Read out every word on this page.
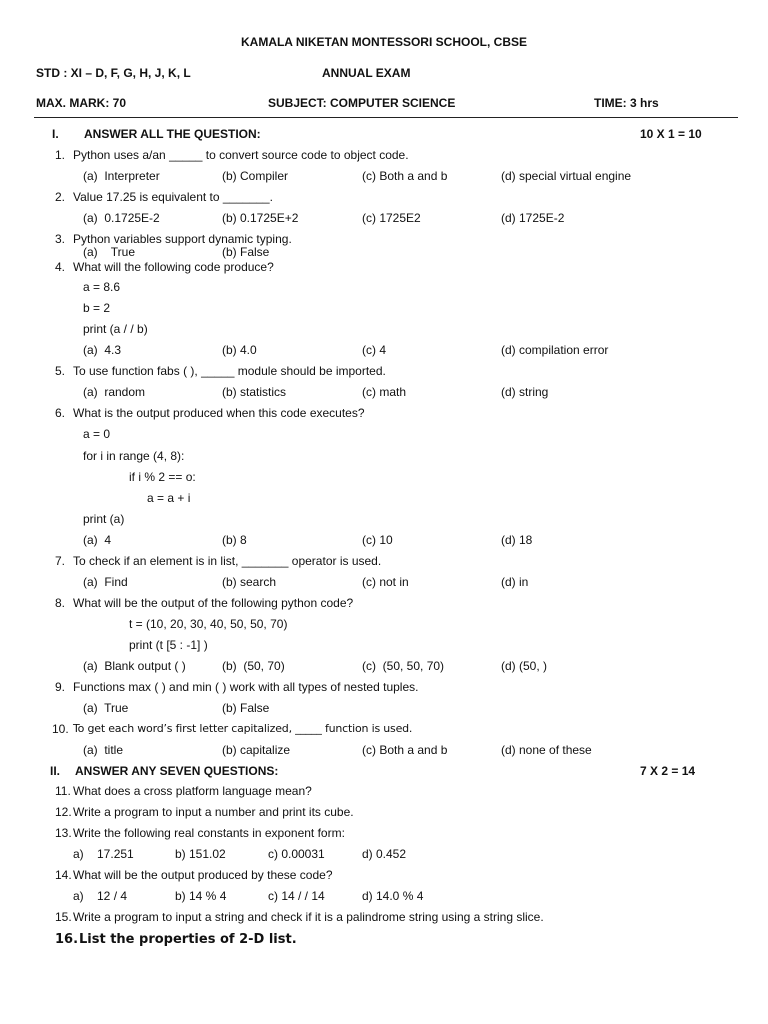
KAMALA NIKETAN MONTESSORI SCHOOL, CBSE
STD : XI – D, F, G, H, J, K, L	ANNUAL EXAM
MAX. MARK: 70	SUBJECT: COMPUTER SCIENCE	TIME: 3 hrs
I. ANSWER ALL THE QUESTION:	10 X 1 = 10
1. Python uses a/an _____ to convert source code to object code.
(a)  Interpreter	(b) Compiler	(c) Both a and b	(d) special virtual engine
2. Value 17.25 is equivalent to _______.
(a)  0.1725E-2	(b) 0.1725E+2	(c) 1725E2	(d) 1725E-2
3. Python variables support dynamic typing.
(a)    True	(b) False
4. What will the following code produce?
a = 8.6
b = 2
print (a / / b)
(a)  4.3	(b) 4.0	(c) 4	(d) compilation error
5. To use function fabs ( ), _____ module should be imported.
(a)  random	(b) statistics	(c) math	(d) string
6. What is the output produced when this code executes?
a = 0
for i in range (4, 8):
if i % 2 == o:
a = a + i
print (a)
(a)  4	(b) 8	(c) 10	(d) 18
7. To check if an element is in list, _______ operator is used.
(a)  Find	(b) search	(c) not in	(d) in
8. What will be the output of the following python code?
t = (10, 20, 30, 40, 50, 50, 70)
print (t [5 : -1] )
(a)  Blank output ( )	(b)  (50, 70)	(c)  (50, 50, 70)	(d) (50, )
9. Functions max ( ) and min ( ) work with all types of nested tuples.
(a)  True	(b) False
10. To get each word’s first letter capitalized, _____ function is used.
(a)  title	(b) capitalize	(c) Both a and b	(d) none of these
II. ANSWER ANY SEVEN QUESTIONS:	7 X 2 = 14
11. What does a cross platform language mean?
12. Write a program to input a number and print its cube.
13. Write the following real constants in exponent form:
a)    17.251	b) 151.02	c) 0.00031	d) 0.452
14. What will be the output produced by these code?
a)    12 / 4	b) 14 % 4	c) 14 / / 14	d) 14.0 % 4
15. Write a program to input a string and check if it is a palindrome string using a string slice.
16. List the properties of 2-D list.
